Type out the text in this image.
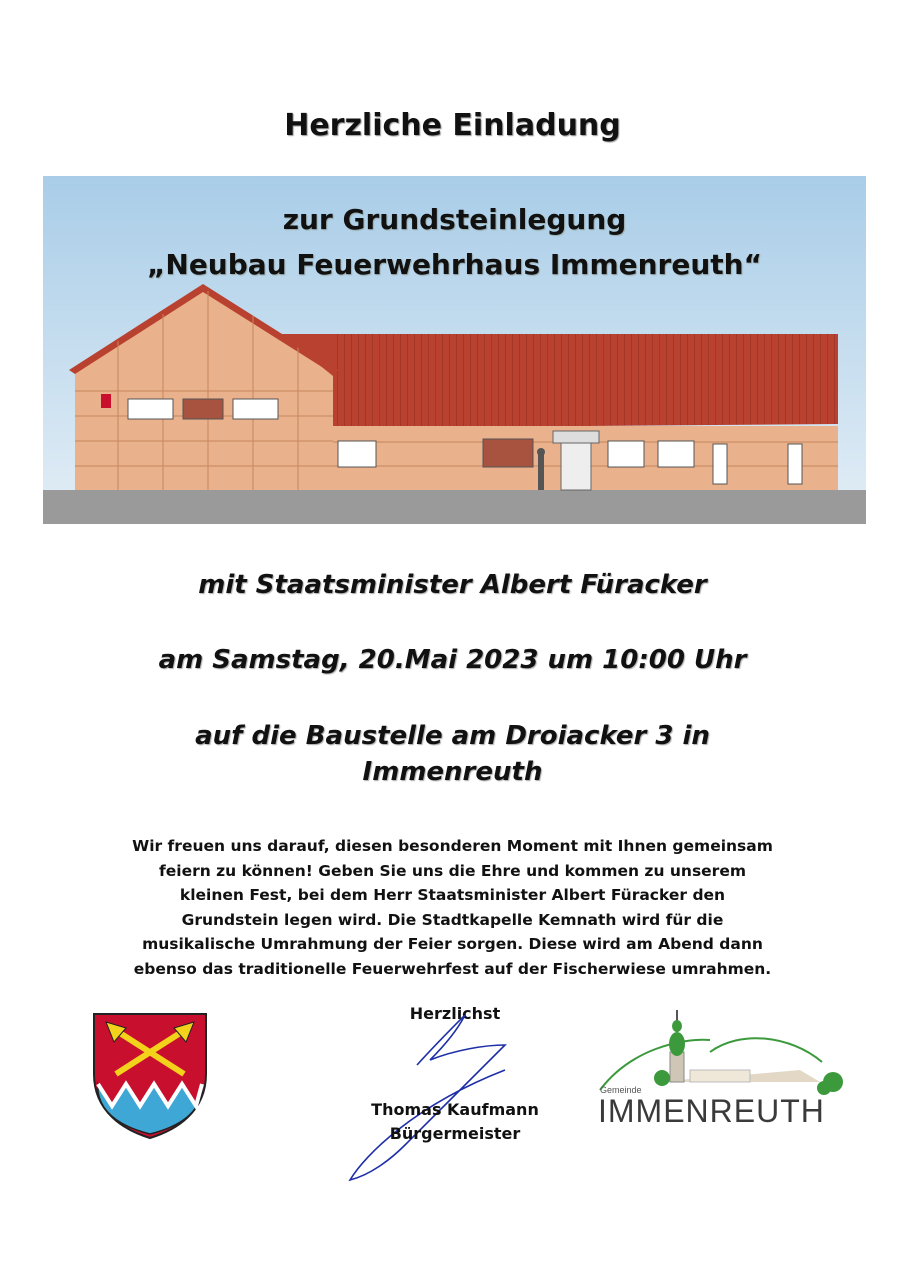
Herzliche Einladung
zur Grundsteinlegung
„Neubau Feuerwehrhaus Immenreuth“
mit Staatsminister Albert Füracker
am Samstag, 20.Mai 2023 um 10:00 Uhr
auf die Baustelle am Droiacker 3 in
Immenreuth
Wir freuen uns darauf, diesen besonderen Moment mit Ihnen gemeinsam
feiern zu können! Geben Sie uns die Ehre und kommen zu unserem
kleinen Fest, bei dem Herr Staatsminister Albert Füracker den
Grundstein legen wird. Die Stadtkapelle Kemnath wird für die
musikalische Umrahmung der Feier sorgen. Diese wird am Abend dann
ebenso das traditionelle Feuerwehrfest auf der Fischerwiese umrahmen.
Herzlichst
Thomas Kaufmann
Bürgermeister
Gemeinde
IMMENREUTH
